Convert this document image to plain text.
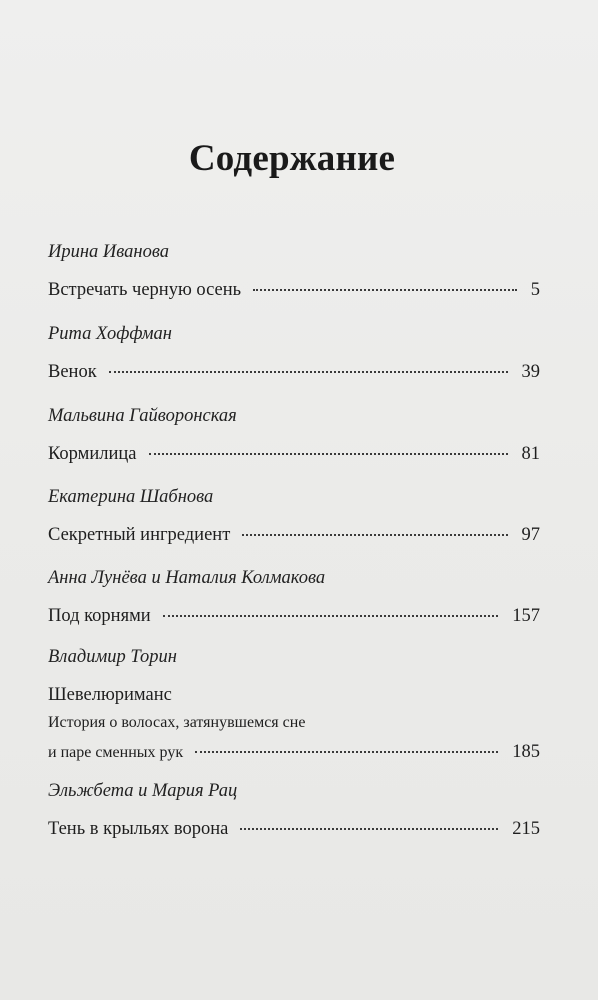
Содержание
Ирина Иванова
Встречать черную осень	5
Рита Хоффман
Венок	39
Мальвина Гайворонская
Кормилица	81
Екатерина Шабнова
Секретный ингредиент	97
Анна Лунёва и Наталия Колмакова
Под корнями	157
Владимир Торин
Шевелюриманс
История о волосах, затянувшемся сне
и паре сменных рук	185
Эльжбета и Мария Рац
Тень в крыльях ворона	215
